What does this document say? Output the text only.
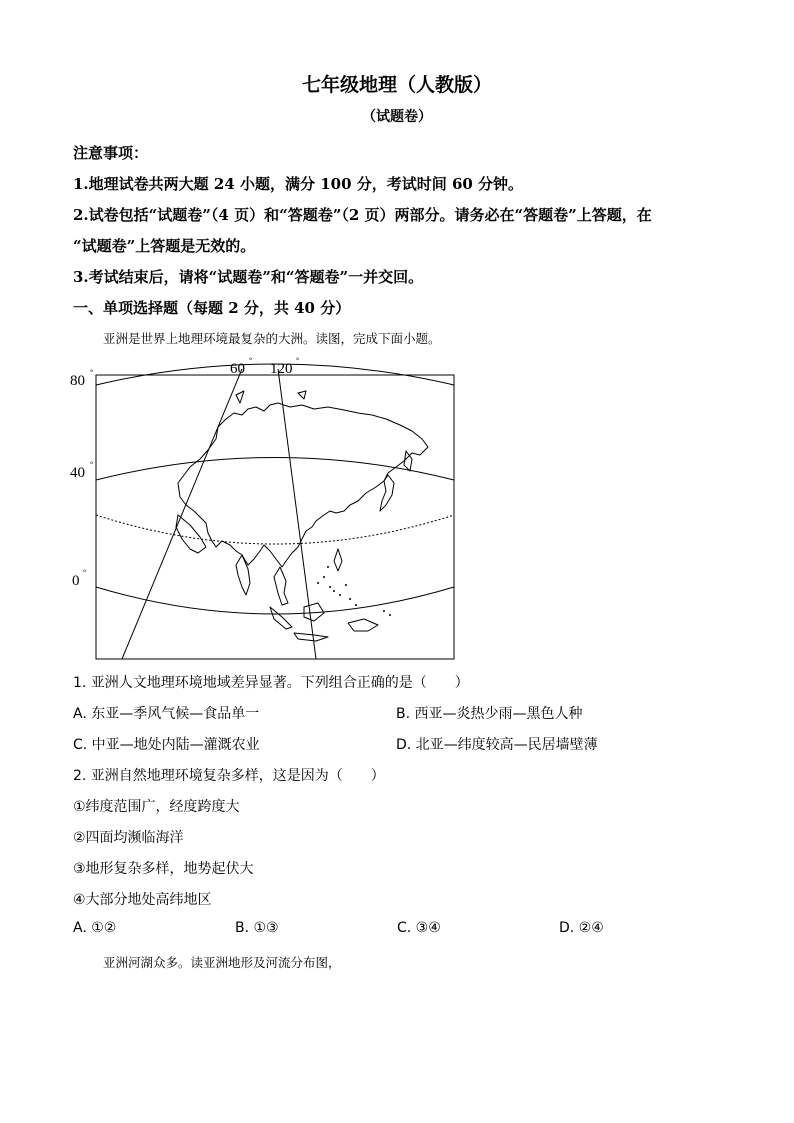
七年级地理（人教版）
（试题卷）
注意事项：
1.地理试卷共两大题 24 小题，满分 100 分，考试时间 60 分钟。
2.试卷包括“试题卷”（4 页）和“答题卷”（2 页）两部分。请务必在“答题卷”上答题，在
“试题卷”上答题是无效的。
3.考试结束后，请将“试题卷”和“答题卷”一并交回。
一、单项选择题（每题 2 分，共 40 分）
亚洲是世界上地理环境最复杂的大洲。读图，完成下面小题。
80
°
40
°
0
°
60
°
120
°
1. 亚洲人文地理环境地域差异显著。下列组合正确的是（　　）
A. 东亚—季风气候—食品单一	B. 西亚—炎热少雨—黑色人种
C. 中亚—地处内陆—灌溉农业	D. 北亚—纬度较高—民居墙壁薄
2. 亚洲自然地理环境复杂多样，这是因为（　　）
①纬度范围广，经度跨度大
②四面均濒临海洋
③地形复杂多样，地势起伏大
④大部分地处高纬地区
A. ①②	B. ①③	C. ③④	D. ②④
亚洲河湖众多。读亚洲地形及河流分布图，
